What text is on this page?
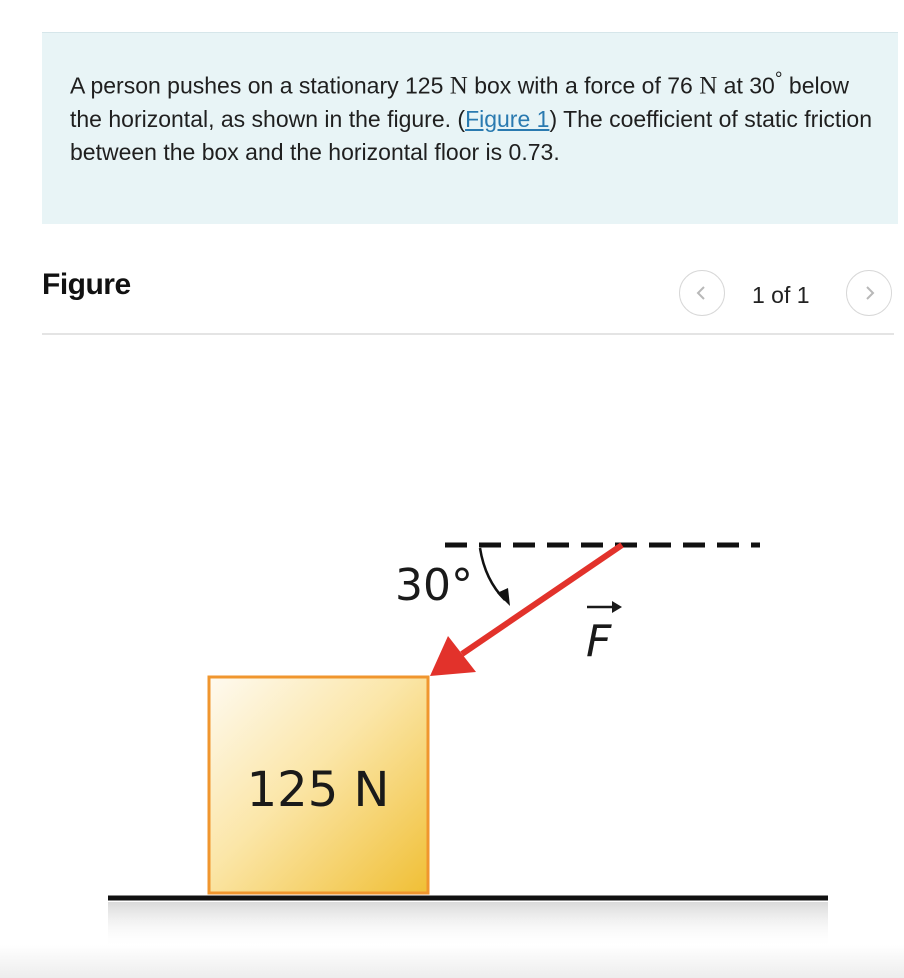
A person pushes on a stationary 125 N box with a force of 76 N at 30° below the horizontal, as shown in the figure. (Figure 1) The coefficient of static friction between the box and the horizontal floor is 0.73.
Figure	1 of 1
30°
F
125 N
